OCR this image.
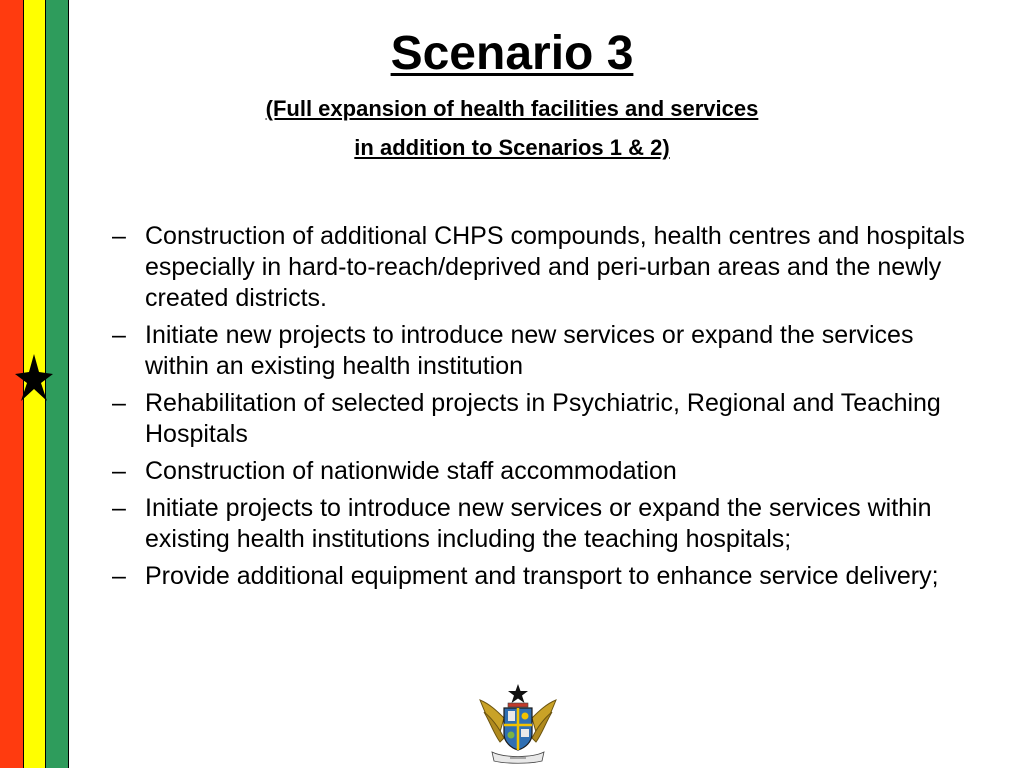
Scenario 3
(Full expansion of health facilities and services
in addition to Scenarios 1 & 2)
– Construction of additional CHPS compounds, health centres and hospitals especially in hard-to-reach/deprived and peri-urban areas and the newly created districts.
– Initiate new projects to introduce new services or expand the services within an existing health institution
– Rehabilitation of selected projects in Psychiatric, Regional and Teaching Hospitals
– Construction of nationwide staff accommodation
– Initiate projects to introduce new services or expand the services within existing health institutions including the teaching hospitals;
– Provide additional equipment and transport to enhance service delivery;
